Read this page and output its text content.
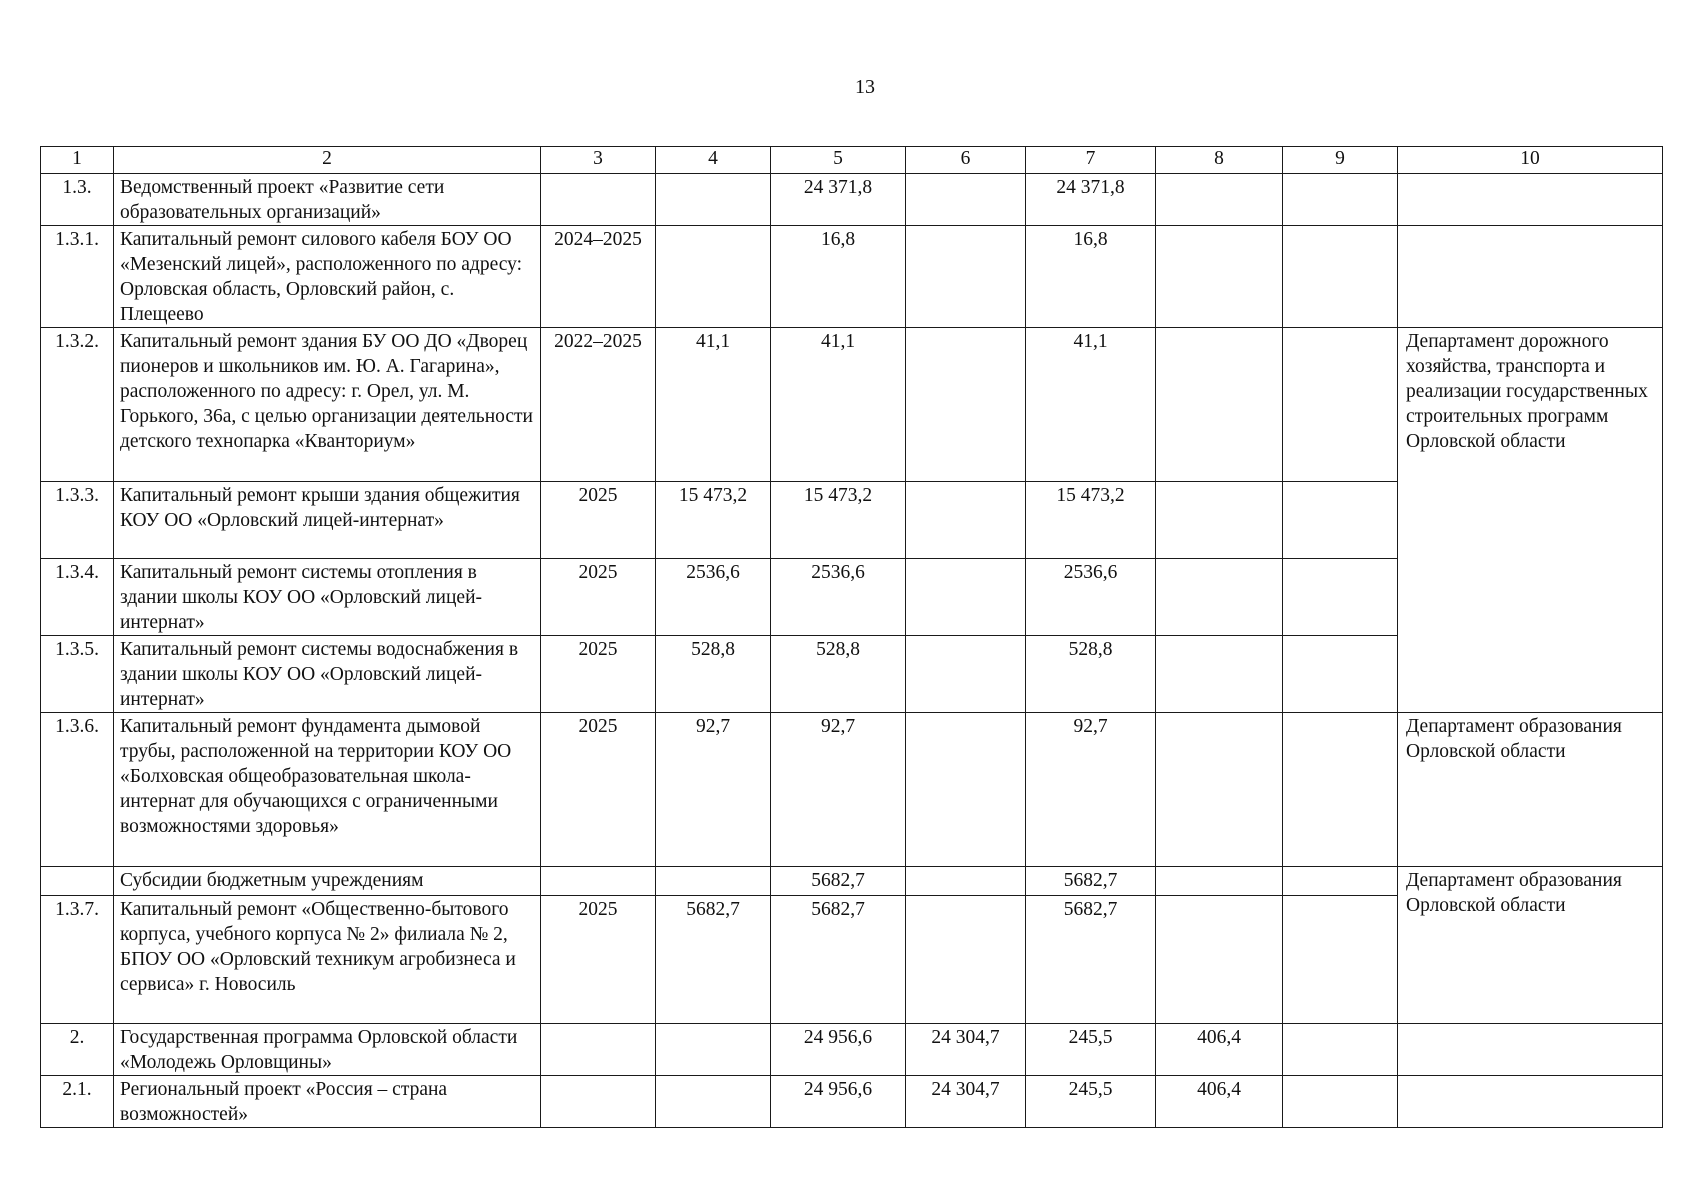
13
1	2	3	4	5	6	7	8	9	10
1.3.	Ведомственный проект «Развитие сети образовательных организаций»			24 371,8		24 371,8			
1.3.1.	Капитальный ремонт силового кабеля БОУ ОО «Мезенский лицей», расположенного по адресу: Орловская область, Орловский район, с. Плещеево	2024–2025		16,8		16,8			
1.3.2.	Капитальный ремонт здания БУ ОО ДО «Дворец пионеров и школьников им. Ю. А. Гагарина», расположенного по адресу: г. Орел, ул. М. Горького, 36а, с целью организации деятельности детского технопарка «Кванториум»	2022–2025	41,1	41,1		41,1			Департамент дорожного хозяйства, транспорта и реализации государственных строительных программ Орловской области
1.3.3.	Капитальный ремонт крыши здания общежития КОУ ОО «Орловский лицей-интернат»	2025	15 473,2	15 473,2		15 473,2			
1.3.4.	Капитальный ремонт системы отопления в здании школы КОУ ОО «Орловский лицей-интернат»	2025	2536,6	2536,6		2536,6			
1.3.5.	Капитальный ремонт системы водоснабжения в здании школы КОУ ОО «Орловский лицей-интернат»	2025	528,8	528,8		528,8			
1.3.6.	Капитальный ремонт фундамента дымовой трубы, расположенной на территории КОУ ОО «Болховская общеобразовательная школа-интернат для обучающихся с ограниченными возможностями здоровья»	2025	92,7	92,7		92,7			Департамент образования Орловской области
	Субсидии бюджетным учреждениям			5682,7		5682,7			Департамент образования Орловской области
1.3.7.	Капитальный ремонт «Общественно-бытового корпуса, учебного корпуса № 2» филиала № 2, БПОУ ОО «Орловский техникум агробизнеса и сервиса» г. Новосиль	2025	5682,7	5682,7		5682,7			
2.	Государственная программа Орловской области «Молодежь Орловщины»			24 956,6	24 304,7	245,5	406,4		
2.1.	Региональный проект «Россия – страна возможностей»			24 956,6	24 304,7	245,5	406,4		
